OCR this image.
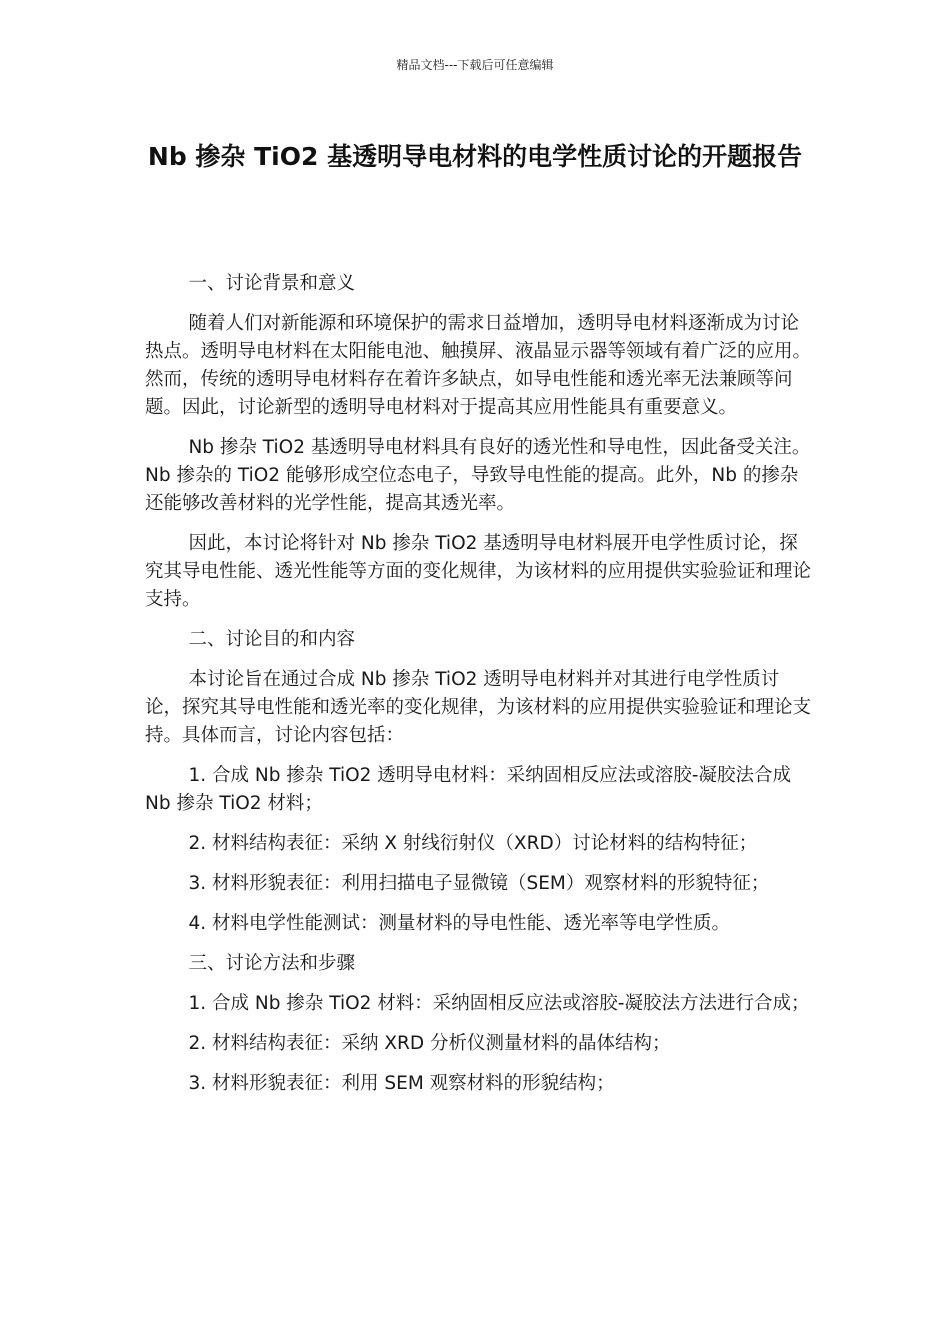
精品文档---下载后可任意编辑
Nb 掺杂 TiO2 基透明导电材料的电学性质讨论的开题报告

一、讨论背景和意义

随着人们对新能源和环境保护的需求日益增加，透明导电材料逐渐成为讨论热点。透明导电材料在太阳能电池、触摸屏、液晶显示器等领域有着广泛的应用。然而，传统的透明导电材料存在着许多缺点，如导电性能和透光率无法兼顾等问题。因此，讨论新型的透明导电材料对于提高其应用性能具有重要意义。

Nb 掺杂 TiO2 基透明导电材料具有良好的透光性和导电性，因此备受关注。Nb 掺杂的 TiO2 能够形成空位态电子，导致导电性能的提高。此外，Nb 的掺杂还能够改善材料的光学性能，提高其透光率。

因此，本讨论将针对 Nb 掺杂 TiO2 基透明导电材料展开电学性质讨论，探究其导电性能、透光性能等方面的变化规律，为该材料的应用提供实验验证和理论支持。

二、讨论目的和内容

本讨论旨在通过合成 Nb 掺杂 TiO2 透明导电材料并对其进行电学性质讨论，探究其导电性能和透光率的变化规律，为该材料的应用提供实验验证和理论支持。具体而言，讨论内容包括：

1. 合成 Nb 掺杂 TiO2 透明导电材料：采纳固相反应法或溶胶-凝胶法合成 Nb 掺杂 TiO2 材料；

2. 材料结构表征：采纳 X 射线衍射仪（XRD）讨论材料的结构特征；

3. 材料形貌表征：利用扫描电子显微镜（SEM）观察材料的形貌特征；

4. 材料电学性能测试：测量材料的导电性能、透光率等电学性质。

三、讨论方法和步骤

1. 合成 Nb 掺杂 TiO2 材料：采纳固相反应法或溶胶-凝胶法方法进行合成；

2. 材料结构表征：采纳 XRD 分析仪测量材料的晶体结构；

3. 材料形貌表征：利用 SEM 观察材料的形貌结构；
